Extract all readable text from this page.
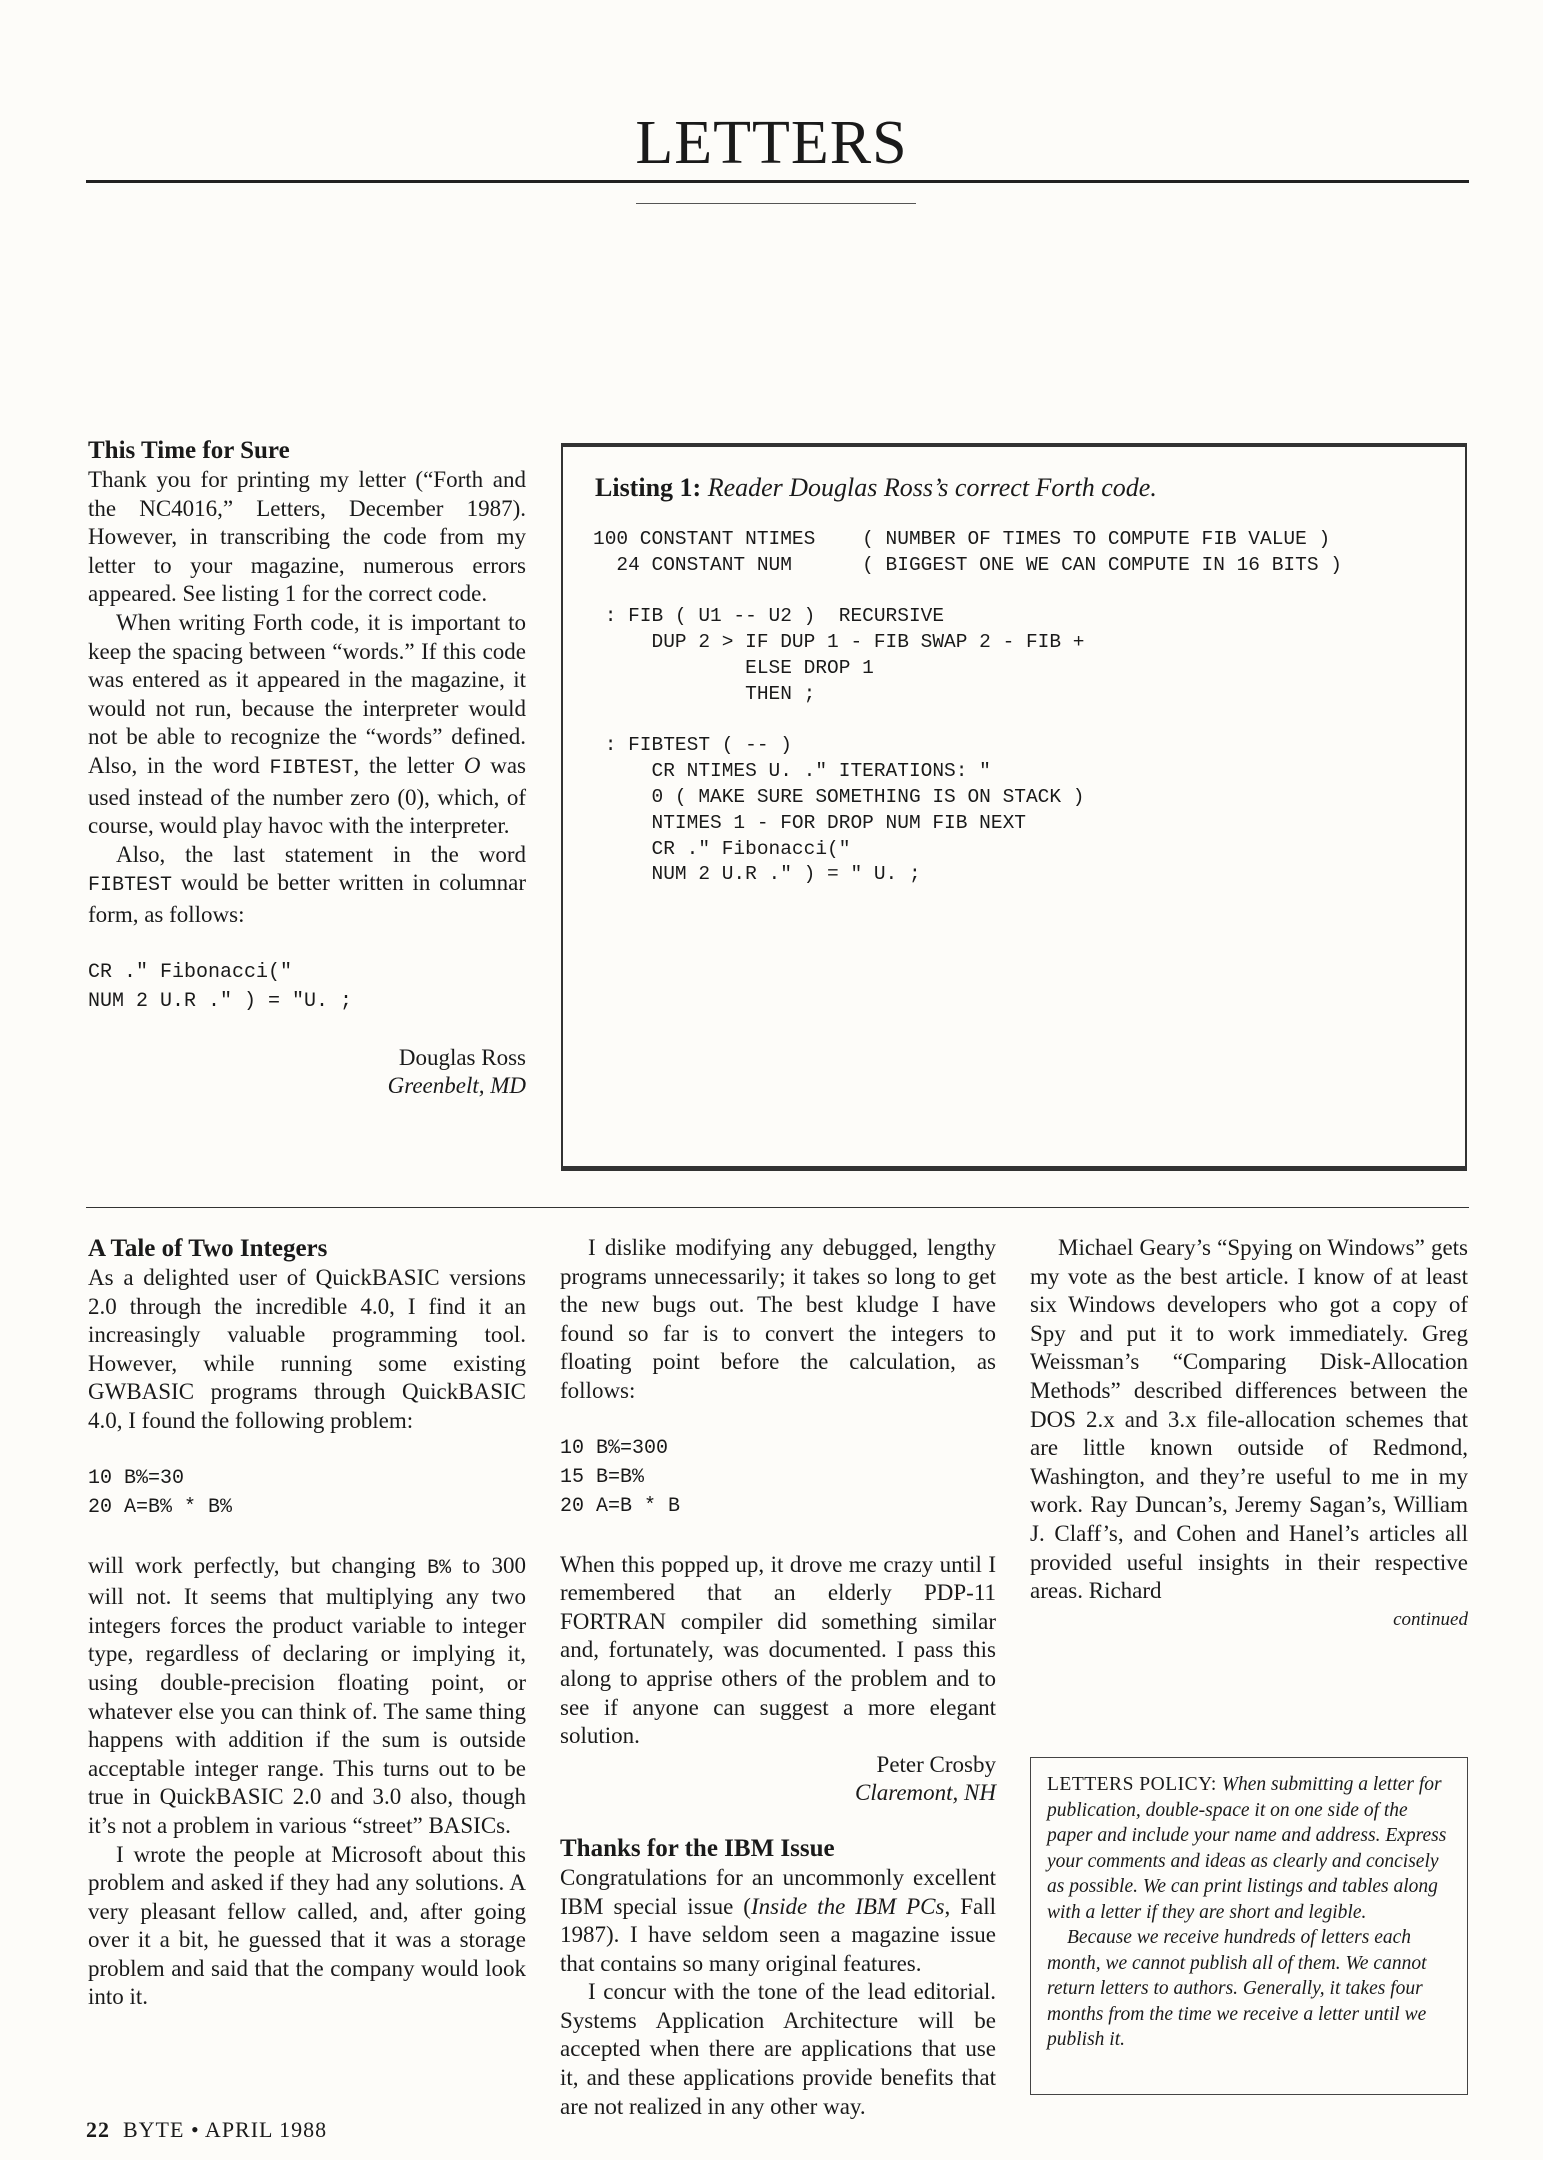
LETTERS
This Time for Sure

Thank you for printing my letter (“Forth and the NC4016,” Letters, December 1987). However, in transcribing the code from my letter to your magazine, numerous errors appeared. See listing 1 for the correct code.

When writing Forth code, it is important to keep the spacing between “words.” If this code was entered as it appeared in the magazine, it would not run, because the interpreter would not be able to recognize the “words” defined. Also, in the word FIBTEST, the letter O was used instead of the number zero (0), which, of course, would play havoc with the interpreter.

Also, the last statement in the word FIBTEST would be better written in columnar form, as follows:

CR ." Fibonacci("
NUM 2 U.R ." ) = "U. ;

Douglas Ross
Greenbelt, MD
Listing 1: Reader Douglas Ross’s correct Forth code.
100 CONSTANT NTIMES    ( NUMBER OF TIMES TO COMPUTE FIB VALUE )
24 CONSTANT NUM      ( BIGGEST ONE WE CAN COMPUTE IN 16 BITS )

: FIB ( U1 -- U2 )  RECURSIVE
DUP 2 > IF DUP 1 - FIB SWAP 2 - FIB +
ELSE DROP 1
THEN ;

: FIBTEST ( -- )
CR NTIMES U. ." ITERATIONS: "
0 ( MAKE SURE SOMETHING IS ON STACK )
NTIMES 1 - FOR DROP NUM FIB NEXT
CR ." Fibonacci("
NUM 2 U.R ." ) = " U. ;
A Tale of Two Integers

As a delighted user of QuickBASIC versions 2.0 through the incredible 4.0, I find it an increasingly valuable programming tool. However, while running some existing GWBASIC programs through QuickBASIC 4.0, I found the following problem:

10 B%=30
20 A=B% * B%

will work perfectly, but changing B% to 300 will not. It seems that multiplying any two integers forces the product variable to integer type, regardless of declaring or implying it, using double-precision floating point, or whatever else you can think of. The same thing happens with addition if the sum is outside acceptable integer range. This turns out to be true in QuickBASIC 2.0 and 3.0 also, though it’s not a problem in various “street” BASICs.

I wrote the people at Microsoft about this problem and asked if they had any solutions. A very pleasant fellow called, and, after going over it a bit, he guessed that it was a storage problem and said that the company would look into it.

I dislike modifying any debugged, lengthy programs unnecessarily; it takes so long to get the new bugs out. The best kludge I have found so far is to convert the integers to floating point before the calculation, as follows:

10 B%=300
15 B=B%
20 A=B * B

When this popped up, it drove me crazy until I remembered that an elderly PDP-11 FORTRAN compiler did something similar and, fortunately, was documented. I pass this along to apprise others of the problem and to see if anyone can suggest a more elegant solution.

Peter Crosby
Claremont, NH
Thanks for the IBM Issue

Congratulations for an uncommonly excellent IBM special issue (Inside the IBM PCs, Fall 1987). I have seldom seen a magazine issue that contains so many original features.

I concur with the tone of the lead editorial. Systems Application Architecture will be accepted when there are applications that use it, and these applications provide benefits that are not realized in any other way.

Michael Geary’s “Spying on Windows” gets my vote as the best article. I know of at least six Windows developers who got a copy of Spy and put it to work immediately. Greg Weissman’s “Comparing Disk-Allocation Methods” described differences between the DOS 2.x and 3.x file-allocation schemes that are little known outside of Redmond, Washington, and they’re useful to me in my work. Ray Duncan’s, Jeremy Sagan’s, William J. Claff’s, and Cohen and Hanel’s articles all provided useful insights in their respective areas. Richard

continued

LETTERS POLICY: When submitting a letter for publication, double-space it on one side of the paper and include your name and address. Express your comments and ideas as clearly and concisely as possible. We can print listings and tables along with a letter if they are short and legible.

Because we receive hundreds of letters each month, we cannot publish all of them. We cannot return letters to authors. Generally, it takes four months from the time we receive a letter until we publish it.

22 BYTE • APRIL 1988
